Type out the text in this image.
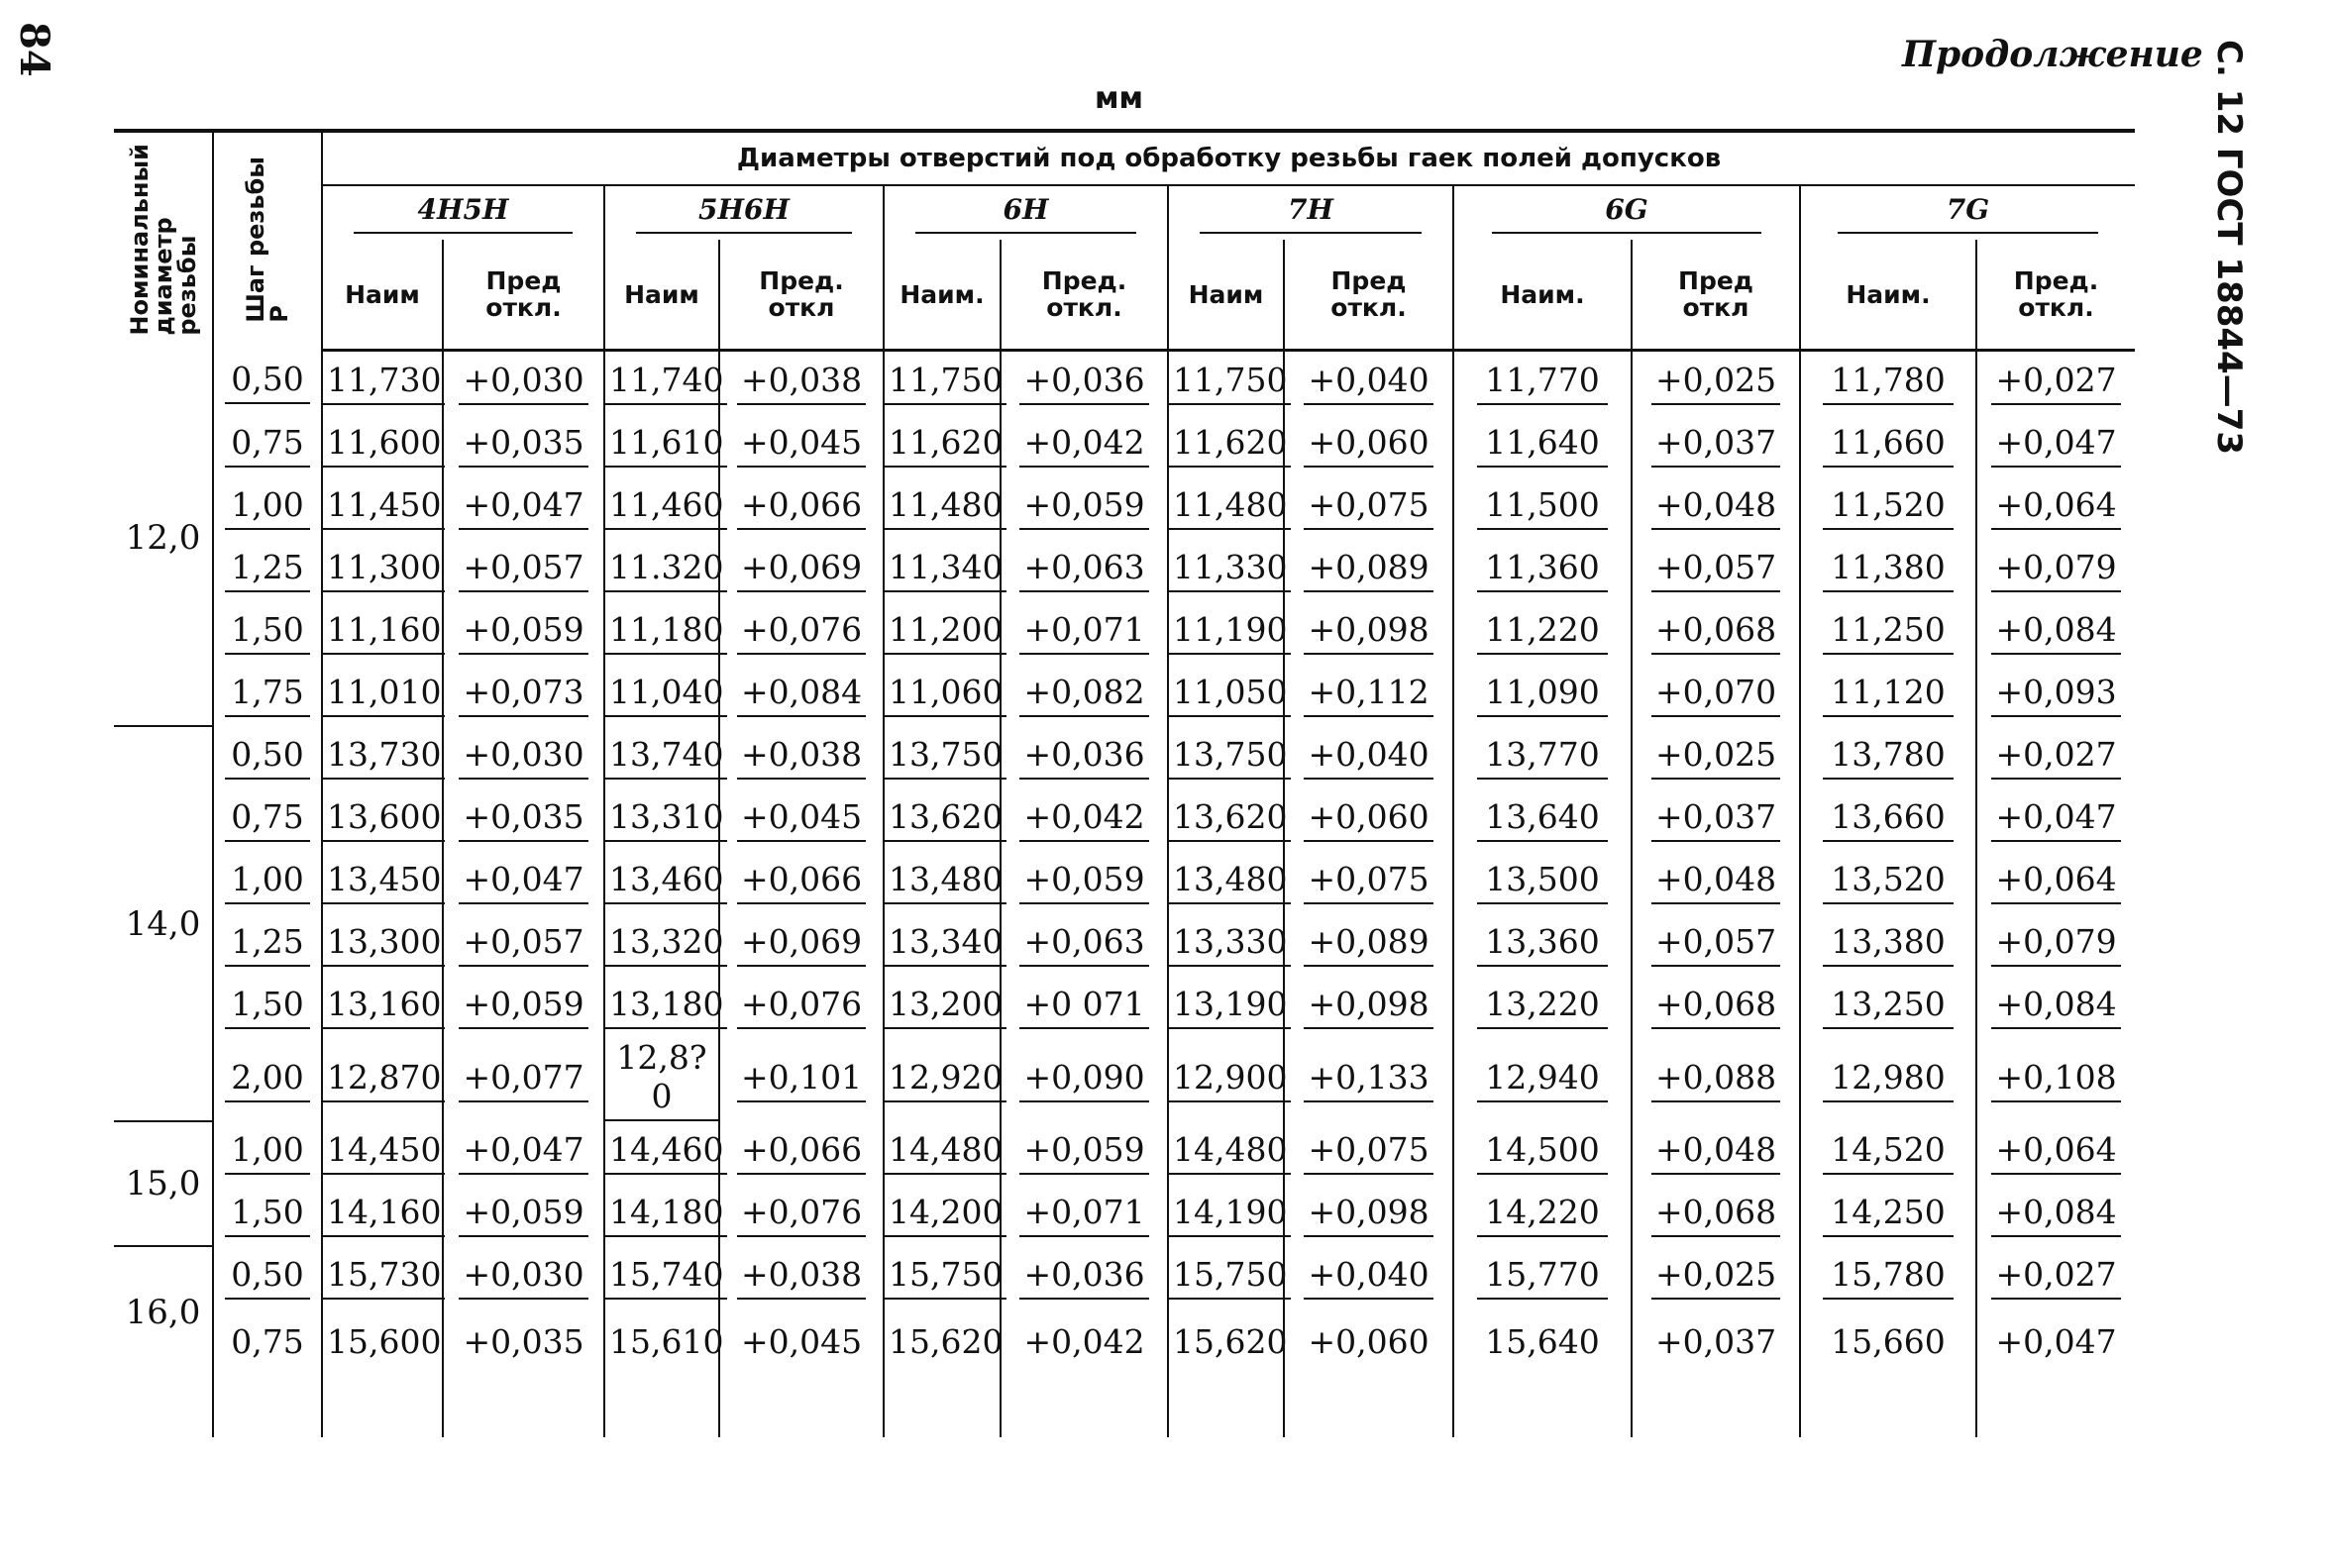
84	Продолжение С. 12 ГОСТ 18844—73
мм
Номинальный
диаметр
резьбы	Шаг резьбы
P	Диаметры отверстий под обработку резьбы гаек полей допусков											
		4H5H		5H6H		6H		7H		6G		7G	
		Наим	Пред
откл.	Наим	Пред.
откл	Наим.	Пред.
откл.	Наим	Пред
откл.	Наим.	Пред
откл	Наим.	Пред.
откл.
12,0	0,50	11,730	+0,030	11,740	+0,038	11,750	+0,036	11,750	+0,040	11,770	+0,025	11,780	+0,027
	0,75	11,600	+0,035	11,610	+0,045	11,620	+0,042	11,620	+0,060	11,640	+0,037	11,660	+0,047
	1,00	11,450	+0,047	11,460	+0,066	11,480	+0,059	11,480	+0,075	11,500	+0,048	11,520	+0,064
	1,25	11,300	+0,057	11.320	+0,069	11,340	+0,063	11,330	+0,089	11,360	+0,057	11,380	+0,079
	1,50	11,160	+0,059	11,180	+0,076	11,200	+0,071	11,190	+0,098	11,220	+0,068	11,250	+0,084
	1,75	11,010	+0,073	11,040	+0,084	11,060	+0,082	11,050	+0,112	11,090	+0,070	11,120	+0,093
14,0	0,50	13,730	+0,030	13,740	+0,038	13,750	+0,036	13,750	+0,040	13,770	+0,025	13,780	+0,027
	0,75	13,600	+0,035	13,310	+0,045	13,620	+0,042	13,620	+0,060	13,640	+0,037	13,660	+0,047
	1,00	13,450	+0,047	13,460	+0,066	13,480	+0,059	13,480	+0,075	13,500	+0,048	13,520	+0,064
	1,25	13,300	+0,057	13,320	+0,069	13,340	+0,063	13,330	+0,089	13,360	+0,057	13,380	+0,079
	1,50	13,160	+0,059	13,180	+0,076	13,200	+0 071	13,190	+0,098	13,220	+0,068	13,250	+0,084
	2,00	12,870	+0,077	12,8?0	+0,101	12,920	+0,090	12,900	+0,133	12,940	+0,088	12,980	+0,108
15,0	1,00	14,450	+0,047	14,460	+0,066	14,480	+0,059	14,480	+0,075	14,500	+0,048	14,520	+0,064
	1,50	14,160	+0,059	14,180	+0,076	14,200	+0,071	14,190	+0,098	14,220	+0,068	14,250	+0,084
16,0	0,50	15,730	+0,030	15,740	+0,038	15,750	+0,036	15,750	+0,040	15,770	+0,025	15,780	+0,027
	0,75	15,600	+0,035	15,610	+0,045	15,620	+0,042	15,620	+0,060	15,640	+0,037	15,660	+0,047
